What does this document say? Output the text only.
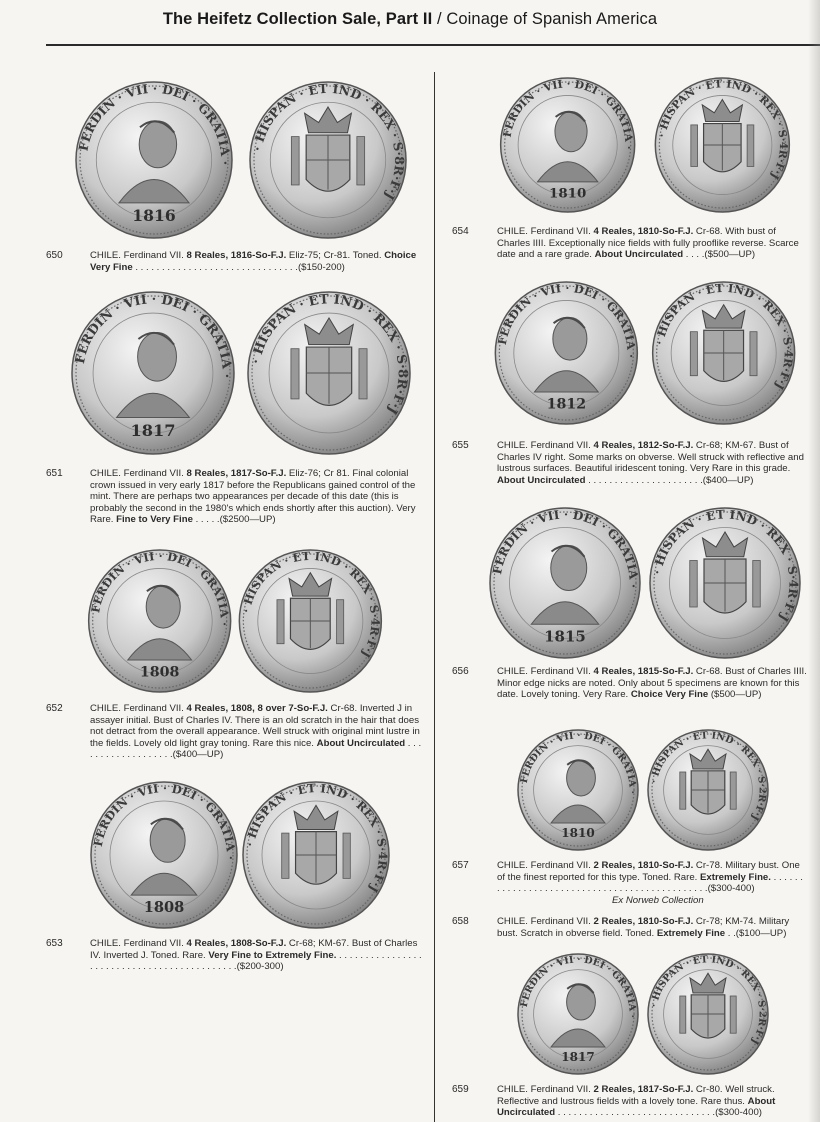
The Heifetz Collection Sale, Part II / Coinage of Spanish America
FERDIN · VII · DEI · GRATIA ·
1816
· HISPAN · ET IND · REX · S·8R·F·J
FERDIN · VII · DEI · GRATIA ·
1817
· HISPAN · ET IND · REX · S·8R·F·J
FERDIN · VII · DEI · GRATIA ·
1808
· HISPAN · ET IND · REX · S·4R·F·J
FERDIN · VII · DEI · GRATIA ·
1808
· HISPAN · ET IND · REX · S·4R·F·J
FERDIN · VII · DEI · GRATIA ·
1810
· HISPAN · ET IND · REX · S·4R·F·J
FERDIN · VII · DEI · GRATIA ·
1812
· HISPAN · ET IND · REX · S·4R·F·J
FERDIN · VII · DEI · GRATIA ·
1815
· HISPAN · ET IND · REX · S·4R·F·J
FERDIN · VII · DEI · GRATIA ·
1810
· HISPAN · ET IND · REX · S·2R·F·J
FERDIN · VII · DEI · GRATIA ·
1817
· HISPAN · ET IND · REX · S·2R·F·J
650	CHILE. Ferdinand VII. 8 Reales, 1816-So-F.J. Eliz-75; Cr-81. Toned. Choice Very Fine . . . . . . . . . . . . . . . . . . . . . . . . . . . . . . .($150-200)
651	CHILE. Ferdinand VII. 8 Reales, 1817-So-F.J. Eliz-76; Cr 81. Final colonial crown issued in very early 1817 before the Republicans gained control of the mint. There are perhaps two appearances per decade of this date (this is probably the second in the 1980's which ends shortly after this auction). Very Rare. Fine to Very Fine . . . . .($2500—UP)
652	CHILE. Ferdinand VII. 4 Reales, 1808, 8 over 7-So-F.J. Cr-68. Inverted J in assayer initial. Bust of Charles IV. There is an old scratch in the hair that does not detract from the overall appearance. Well struck with original mint lustre in the fields. Lovely old light gray toning. Rare this nice. About Uncirculated . . . . . . . . . . . . . . . . . . .($400—UP)
653	CHILE. Ferdinand VII. 4 Reales, 1808-So-F.J. Cr-68; KM-67. Bust of Charles IV. Inverted J. Toned. Rare. Very Fine to Extremely Fine. . . . . . . . . . . . . . . . . . . . . . . . . . . . . . . . . . . . . . . . . . . . .($200-300)
654	CHILE. Ferdinand VII. 4 Reales, 1810-So-F.J. Cr-68. With bust of Charles IIII. Exceptionally nice fields with fully prooflike reverse. Scarce date and a rare grade. About Uncirculated . . . .($500—UP)
655	CHILE. Ferdinand VII. 4 Reales, 1812-So-F.J. Cr-68; KM-67. Bust of Charles IV right. Some marks on obverse. Well struck with reflective and lustrous surfaces. Beautiful iridescent toning. Very Rare in this grade. About Uncirculated . . . . . . . . . . . . . . . . . . . . . .($400—UP)
656	CHILE. Ferdinand VII. 4 Reales, 1815-So-F.J. Cr-68. Bust of Charles IIII. Minor edge nicks are noted. Only about 5 specimens are known for this date. Lovely toning. Very Rare. Choice Very Fine ($500—UP)
657	CHILE. Ferdinand VII. 2 Reales, 1810-So-F.J. Cr-78. Military bust. One of the finest reported for this type. Toned. Rare. Extremely Fine. . . . . . . . . . . . . . . . . . . . . . . . . . . . . . . . . . . . . . . . . . . . . . .($300-400)
Ex Norweb Collection
658	CHILE. Ferdinand VII. 2 Reales, 1810-So-F.J. Cr-78; KM-74. Military bust. Scratch in obverse field. Toned. Extremely Fine . .($100—UP)
659	CHILE. Ferdinand VII. 2 Reales, 1817-So-F.J. Cr-80. Well struck. Reflective and lustrous fields with a lovely tone. Rare thus. About Uncirculated . . . . . . . . . . . . . . . . . . . . . . . . . . . . . .($300-400)
